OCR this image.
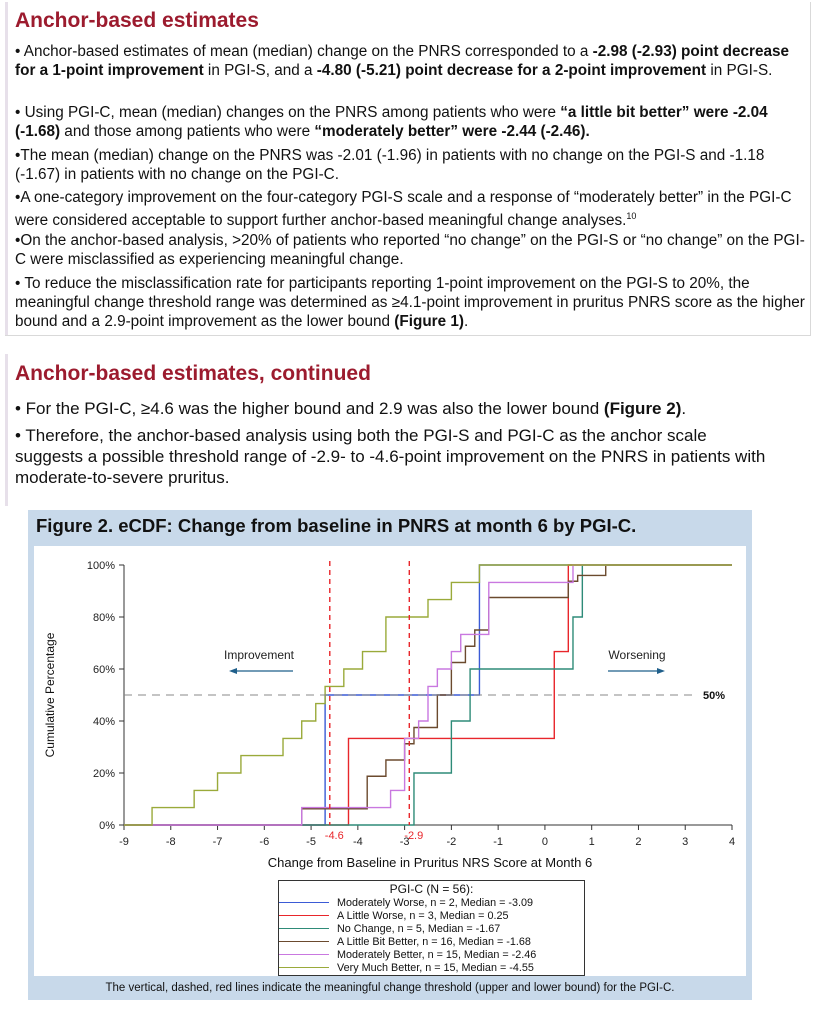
Anchor-based estimates
• Anchor-based estimates of mean (median) change on the PNRS corresponded to a -2.98 (-2.93) point decrease for a 1-point improvement in PGI-S, and a -4.80 (-5.21) point decrease for a 2-point improvement in PGI-S.
• Using PGI-C, mean (median) changes on the PNRS among patients who were “a little bit better” were -2.04 (-1.68) and those among patients who were “moderately better” were -2.44 (-2.46).
•The mean (median) change on the PNRS was -2.01 (-1.96) in patients with no change on the PGI-S and -1.18 (-1.67) in patients with no change on the PGI-C.
•A one-category improvement on the four-category PGI-S scale and a response of “moderately better” in the PGI-C were considered acceptable to support further anchor-based meaningful change analyses.$^{10}$
•On the anchor-based analysis, >20% of patients who reported “no change” on the PGI-S or “no change” on the PGI-C were misclassified as experiencing meaningful change.
• To reduce the misclassification rate for participants reporting 1-point improvement on the PGI-S to 20%, the meaningful change threshold range was determined as ≥4.1-point improvement in pruritus PNRS score as the higher bound and a 2.9-point improvement as the lower bound (Figure 1).
Anchor-based estimates, continued
• For the PGI-C, ≥4.6 was the higher bound and 2.9 was also the lower bound (Figure 2).
• Therefore, the anchor-based analysis using both the PGI-S and PGI-C as the anchor scale suggests a possible threshold range of -2.9- to -4.6-point improvement on the PNRS in patients with moderate-to-severe pruritus.
Figure 2. eCDF: Change from baseline in PNRS at month 6 by PGI-C.
0%
20%
40%
60%
80%
100%
-9	-8	-7	-6	-5	-4	-3	-2	-1	0	1	2	3	4
Change from Baseline in Pruritus NRS Score at Month 6
Cumulative Percentage	50%
-4.6	-2.9
Improvement	Worsening
PGI-C (N = 56):
Moderately Worse, n = 2, Median = -3.09
A Little Worse, n = 3, Median = 0.25
No Change, n = 5, Median = -1.67
A Little Bit Better, n = 16, Median = -1.68
Moderately Better, n = 15, Median = -2.46
Very Much Better, n = 15, Median = -4.55
The vertical, dashed, red lines indicate the meaningful change threshold (upper and lower bound) for the PGI-C.
